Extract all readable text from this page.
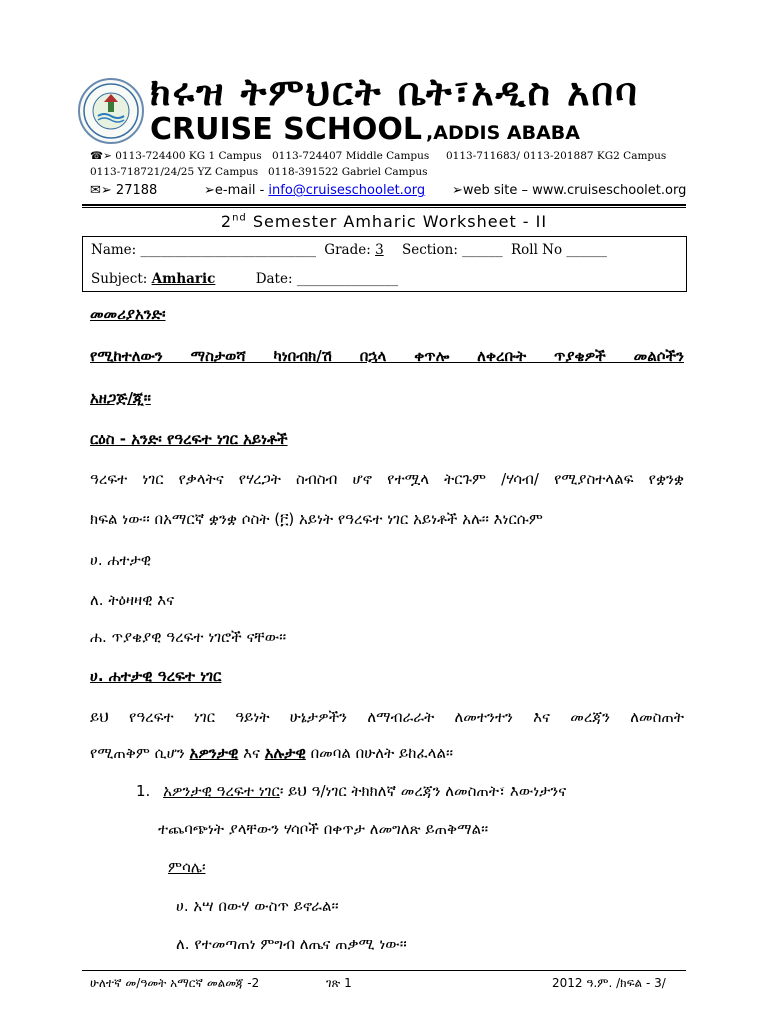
ክሩዝ ትምህርት ቤት፣አዲስ አበባ
CRUISE SCHOOL ,ADDIS ABABA
☎➢ 0113-724400 KG 1 Campus 0113-724407 Middle Campus 0113-711683/ 0113-201887 KG2 Campus
0113-718721/24/25 YZ Campus 0118-391522 Gabriel Campus
✉➢ 27188	➢e-mail - info@cruiseschoolet.org ➢web site – www.cruiseschoolet.org
2nd Semester Amharic Worksheet - II
Name: __________________________ Grade: 3 Section: ______ Roll No ______
Subject: Amharic	Date: _______________
መመሪያአንድ፡
የሚከተለውን ማስታወሻ ካነበብክ/ሽ በኋላ ቀጥሎ ለቀረቡት ጥያቄዎች መልሶችን
አዘጋጅ/ጂ፡፡
ርዕስ - አንድ፡ የዓረፍተ ነገር አይነቶች
ዓረፍተ ነገር የቃላትና የሃረጋት ስብስብ ሆኖ የተሟላ ትርጉም /ሃሳብ/ የሚያስተላልፍ የቋንቋ
ክፍል ነው፡፡ በአማርኛ ቋንቋ ሶስት (፫) አይነት የዓረፍተ ነገር አይነቶች አሉ፡፡ እነርሱም
ሀ. ሐተታዊ
ለ. ትዕዛዛዊ እና
ሐ. ጥያቄያዊ ዓረፍተ ነገሮች ናቸው፡፡
ሀ. ሐተታዊ ዓረፍተ ነገር
ይህ የዓረፍተ ነገር ዓይነት ሁኔታዎችን ለማብራራት ለመተንተን እና መረጃን ለመስጠት
የሚጠቅም ሲሆን አዎንታዊ እና አሉታዊ በመባል በሁለት ይከፈላል፡፡
1. አዎንታዊ ዓረፍተ ነገር፡ ይህ ዓ/ነገር ትክክለኛ መረጃን ለመስጠት፣ እውነታንና
ተጨባጭነት ያላቸውን ሃሳቦች በቀጥታ ለመግለጽ ይጠቅማል፡፡
ምሳሌ፡
ሀ. አሣ በውሃ ውስጥ ይኖራል፡፡
ለ. የተመጣጠነ ምግብ ለጤና ጠቃሚ ነው፡፡
ሁለተኛ መ/ዓመት አማርኛ መልመጃ -2	ገጽ 1	2012 ዓ.ም. /ክፍል - 3/
